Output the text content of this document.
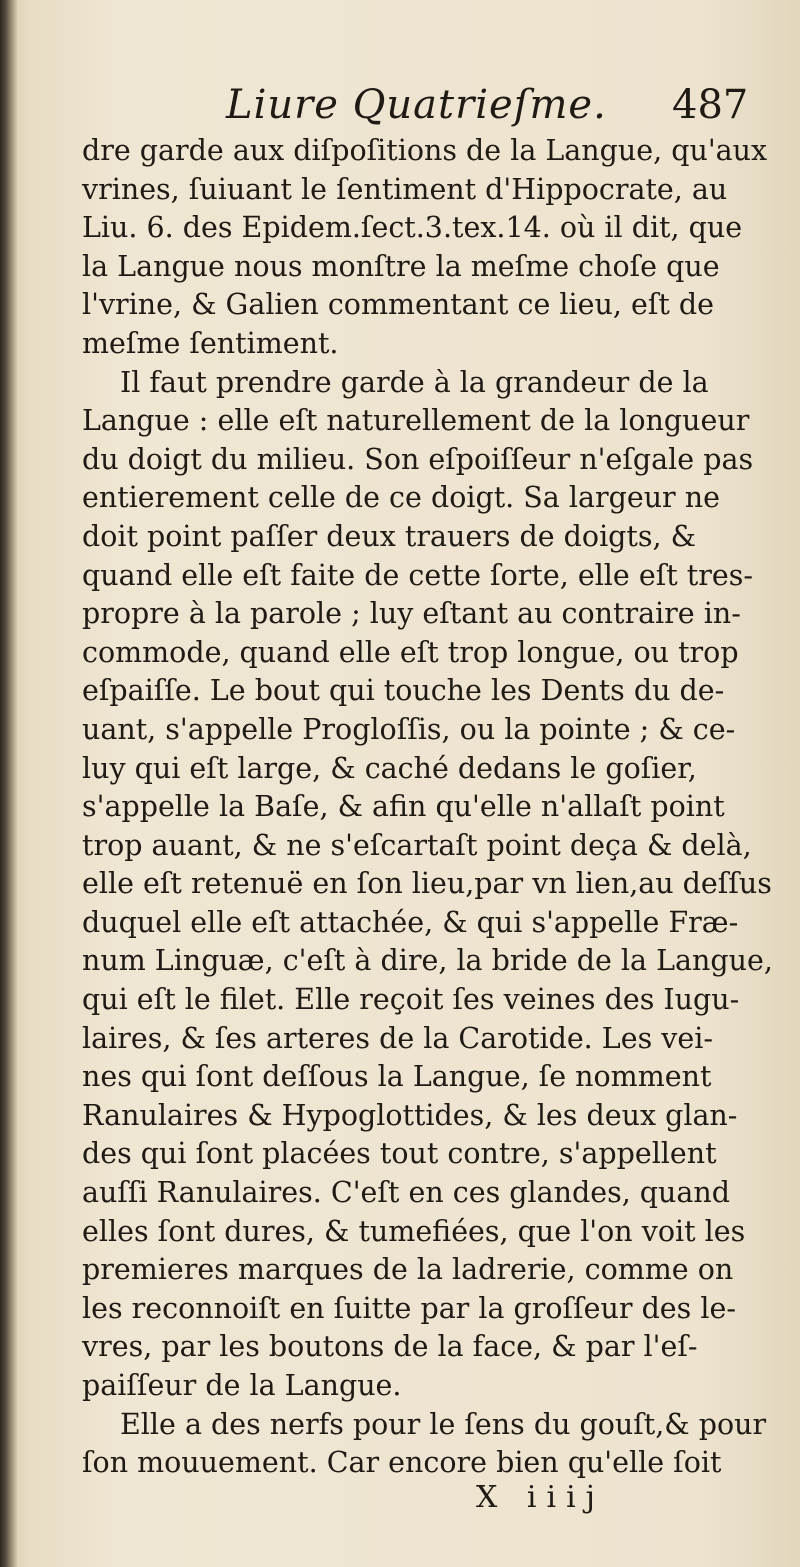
Liure Quatrieſme. 487
dre garde aux diſpoſitions de la Langue, qu'aux
vrines, ſuiuant le ſentiment d'Hippocrate, au
Liu. 6. des Epidem.ſect.3.tex.14. où il dit, que
la Langue nous monſtre la meſme choſe que
l'vrine, & Galien commentant ce lieu, eſt de
meſme ſentiment.
Il faut prendre garde à la grandeur de la
Langue : elle eſt naturellement de la longueur
du doigt du milieu. Son eſpoiſſeur n'eſgale pas
entierement celle de ce doigt. Sa largeur ne
doit point paſſer deux trauers de doigts, &
quand elle eſt faite de cette ſorte, elle eſt tres-
propre à la parole ; luy eſtant au contraire in-
commode, quand elle eſt trop longue, ou trop
eſpaiſſe. Le bout qui touche les Dents du de-
uant, s'appelle Progloſſis, ou la pointe ; & ce-
luy qui eſt large, & caché dedans le goſier,
s'appelle la Baſe, & afin qu'elle n'allaſt point
trop auant, & ne s'eſcartaſt point deça & delà,
elle eſt retenuë en ſon lieu,par vn lien,au deſſus
duquel elle eſt attachée, & qui s'appelle Fræ-
num Linguæ, c'eſt à dire, la bride de la Langue,
qui eſt le filet. Elle reçoit ſes veines des Iugu-
laires, & ſes arteres de la Carotide. Les vei-
nes qui ſont deſſous la Langue, ſe nomment
Ranulaires & Hypoglottides, & les deux glan-
des qui ſont placées tout contre, s'appellent
auſſi Ranulaires. C'eſt en ces glandes, quand
elles ſont dures, & tumefiées, que l'on voit les
premieres marques de la ladrerie, comme on
les reconnoiſt en ſuitte par la groſſeur des le-
vres, par les boutons de la face, & par l'eſ-
paiſſeur de la Langue.
Elle a des nerfs pour le ſens du gouſt,& pour
ſon mouuement. Car encore bien qu'elle ſoit
X iiij
